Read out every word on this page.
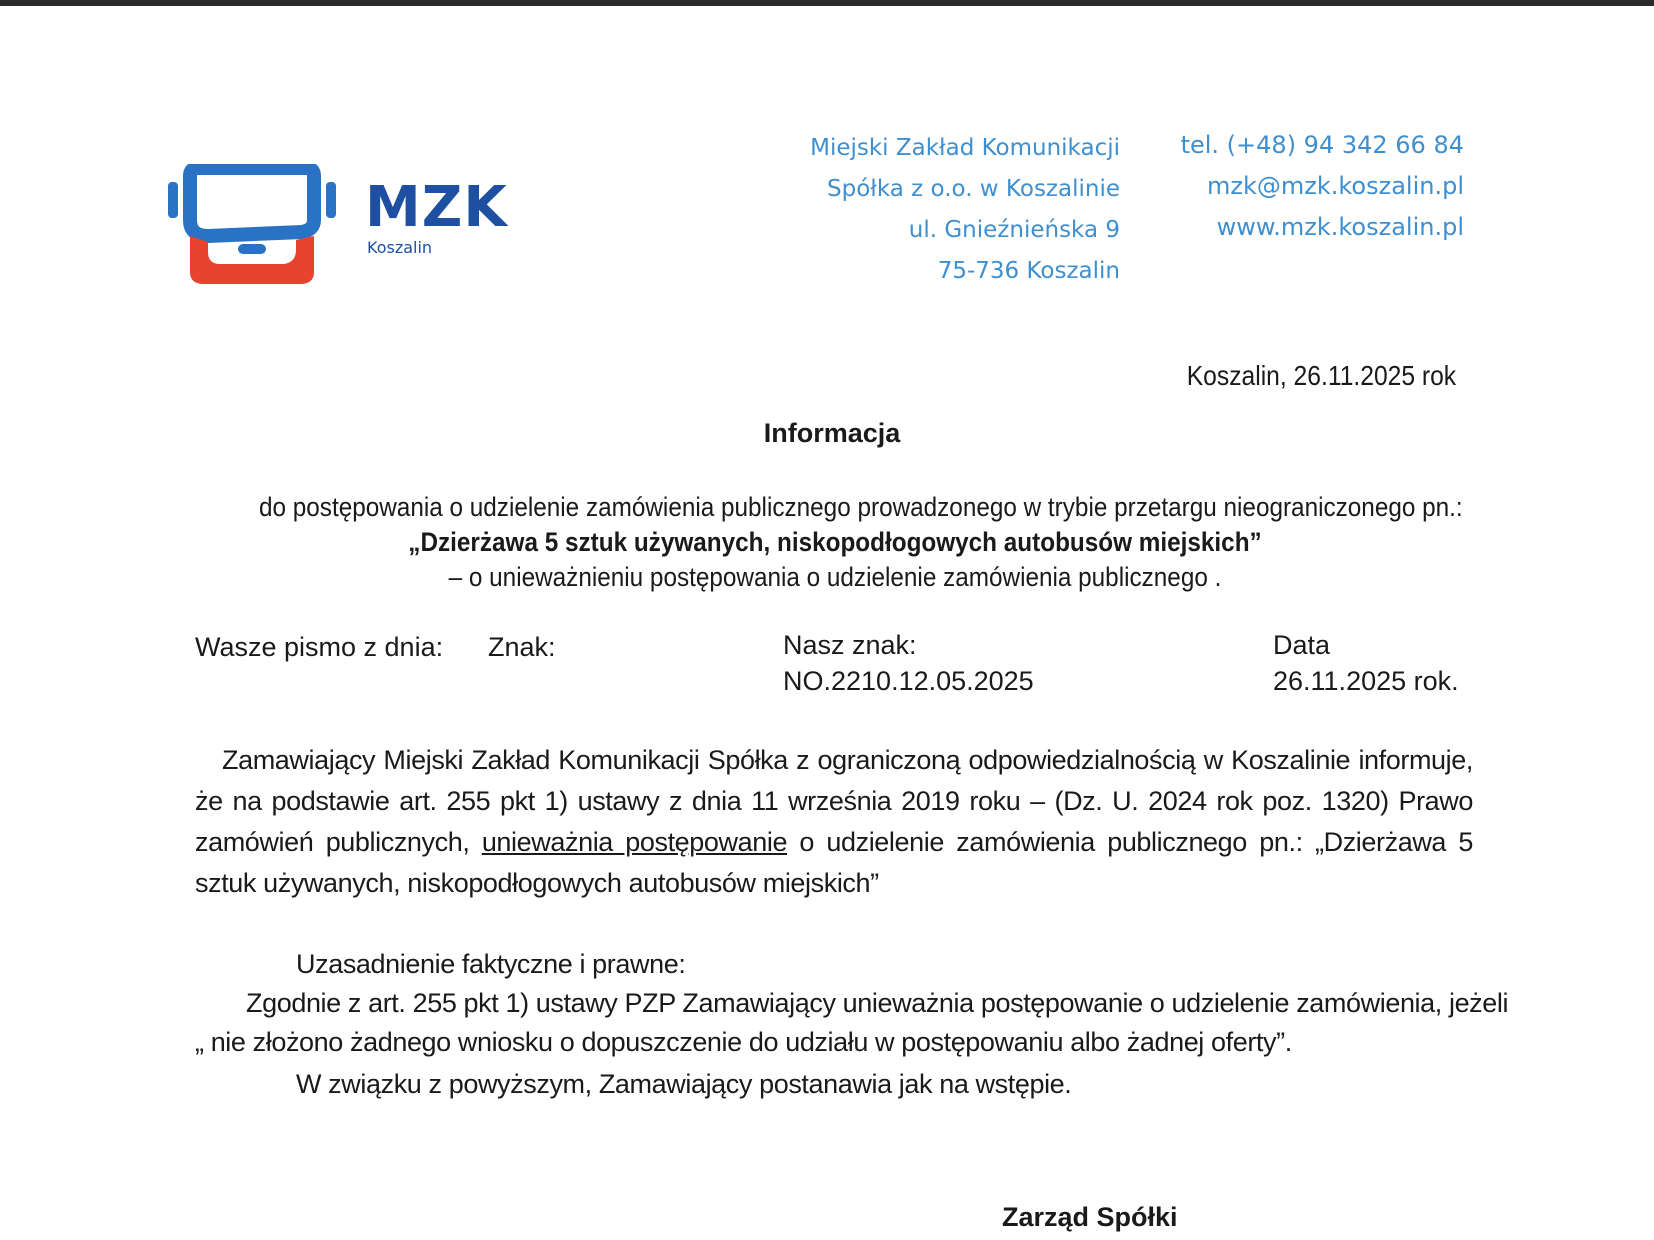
MZK
Koszalin
Miejski Zakład Komunikacji
Spółka z o.o. w Koszalinie
ul. Gnieźnieńska 9
75-736 Koszalin
tel. (+48) 94 342 66 84
mzk@mzk.koszalin.pl
www.mzk.koszalin.pl
Koszalin, 26.11.2025 rok
Informacja

do postępowania o udzielenie zamówienia publicznego prowadzonego w trybie przetargu nieograniczonego pn.:

„Dzierżawa 5 sztuk używanych, niskopodłogowych autobusów miejskich”

– o unieważnieniu postępowania o udzielenie zamówienia publicznego .

Wasze pismo z dnia: Znak:	Nasz znak:
NO.2210.12.05.2025
Data
26.11.2025 rok.

Zamawiający Miejski Zakład Komunikacji Spółka z ograniczoną odpowiedzialnością w Koszalinie informuje, że na podstawie art. 255 pkt 1) ustawy z dnia 11 września 2019 roku – (Dz. U. 2024 rok poz. 1320) Prawo zamówień publicznych, unieważnia postępowanie o udzielenie zamówienia publicznego pn.: „Dzierżawa 5 sztuk używanych, niskopodłogowych autobusów miejskich”

Uzasadnienie faktyczne i prawne:

Zgodnie z art. 255 pkt 1) ustawy PZP Zamawiający unieważnia postępowanie o udzielenie zamówienia, jeżeli

„ nie złożono żadnego wniosku o dopuszczenie do udziału w postępowaniu albo żadnej oferty”.

W związku z powyższym, Zamawiający postanawia jak na wstępie.

Zarząd Spółki
